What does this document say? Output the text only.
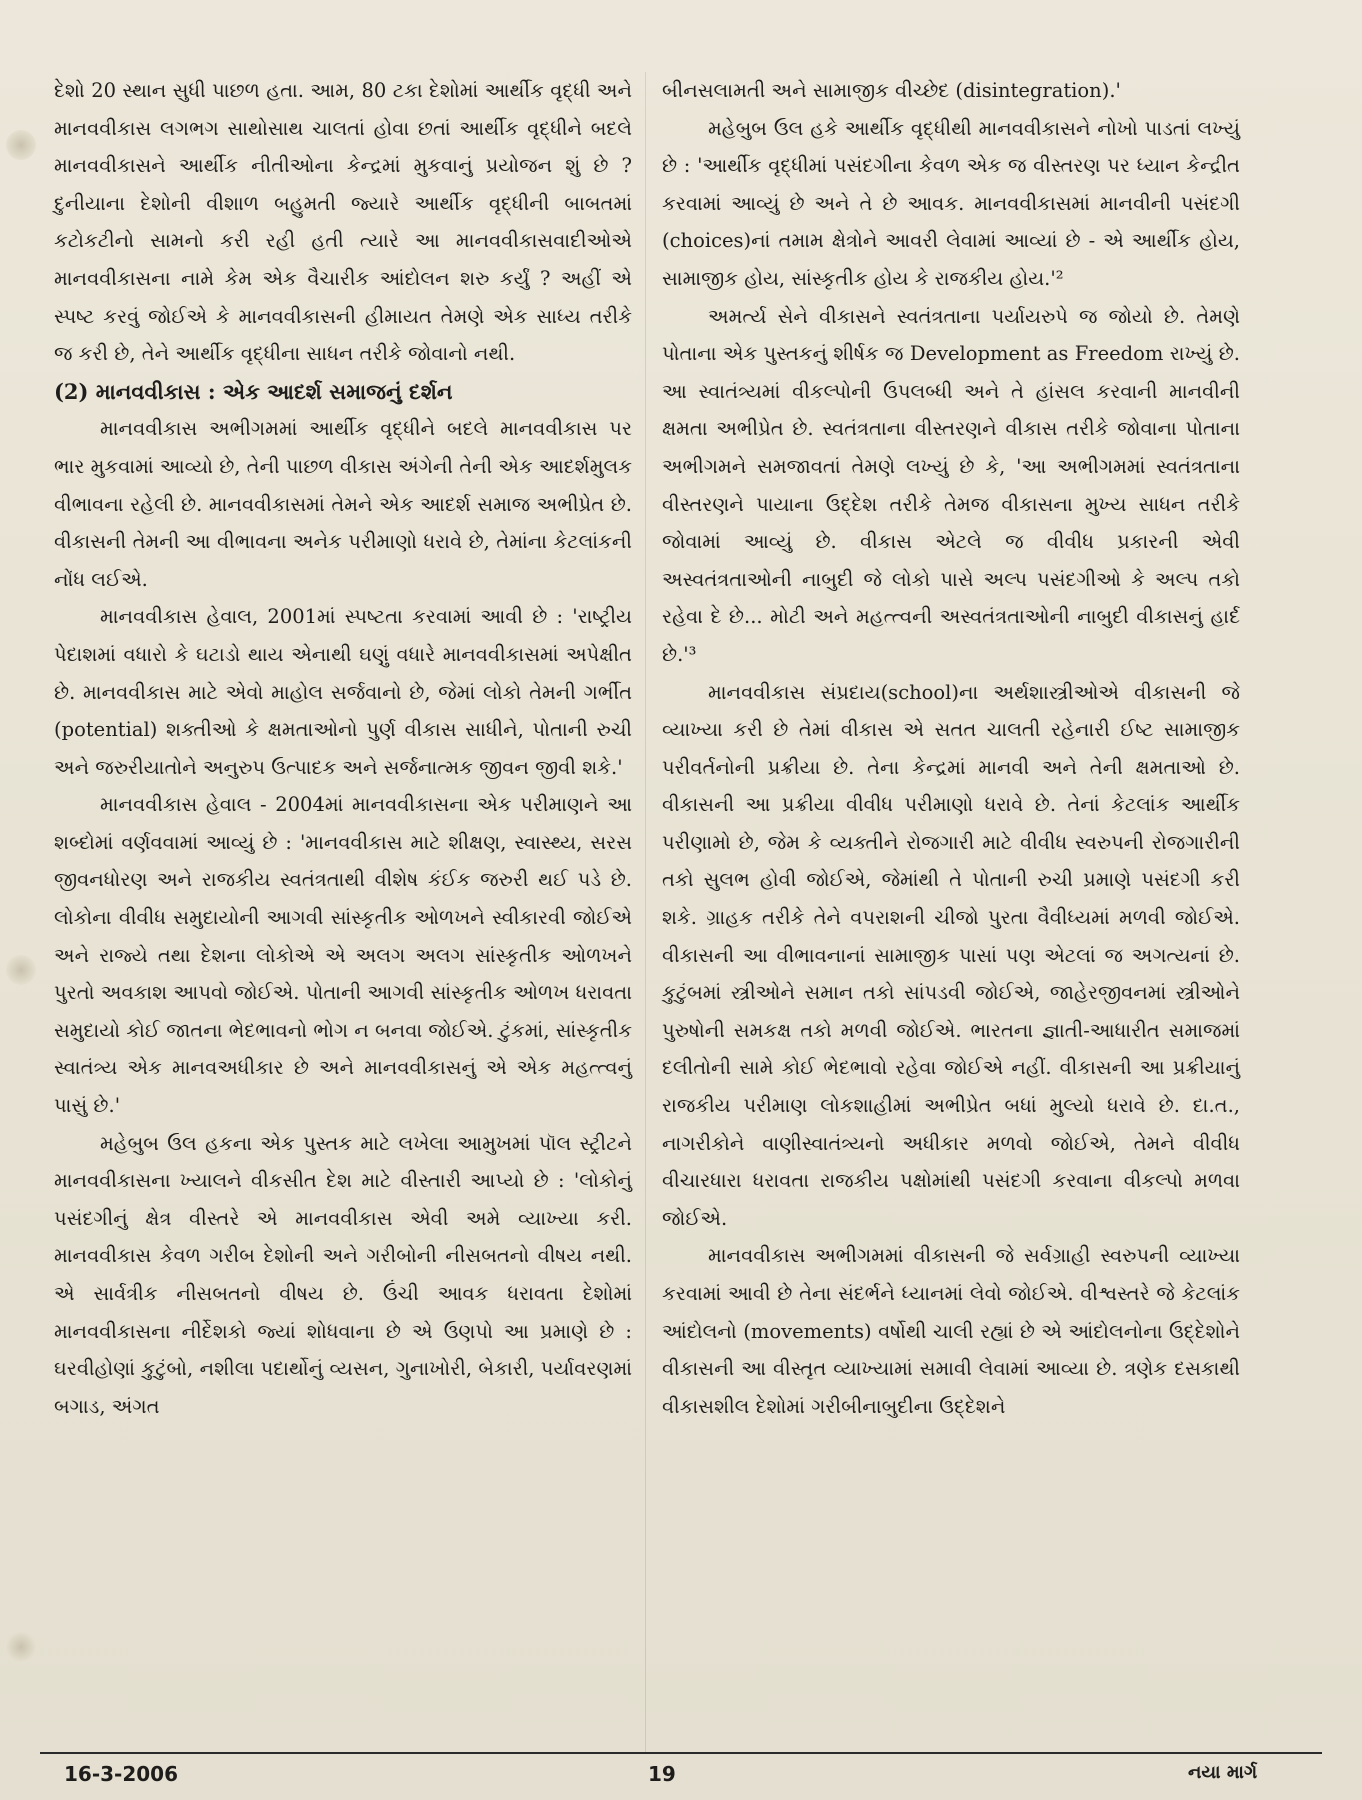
દેશો 20 સ્થાન સુધી પાછળ હતા. આમ, 80 ટકા દેશોમાં આર્થીક વૃદ્ધી અને માનવવીકાસ લગભગ સાથોસાથ ચાલતાં હોવા છતાં આર્થીક વૃદ્ધીને બદલે માનવવીકાસને આર્થીક નીતીઓના કેન્દ્રમાં મુકવાનું પ્રયોજન શું છે ? દુનીયાના દેશોની વીશાળ બહુમતી જ્યારે આર્થીક વૃદ્ધીની બાબતમાં કટોકટીનો સામનો કરી રહી હતી ત્યારે આ માનવવીકાસવાદીઓએ માનવવીકાસના નામે કેમ એક વૈચારીક આંદોલન શરુ કર્યું ? અહીં એ સ્પષ્ટ કરવું જોઈએ કે માનવવીકાસની હીમાયત તેમણે એક સાધ્ય તરીકે જ કરી છે, તેને આર્થીક વૃદ્ધીના સાધન તરીકે જોવાનો નથી.

(2) માનવવીકાસ : એક આદર્શ સમાજનું દર્શન

માનવવીકાસ અભીગમમાં આર્થીક વૃદ્ધીને બદલે માનવવીકાસ પર ભાર મુકવામાં આવ્યો છે, તેની પાછળ વીકાસ અંગેની તેની એક આદર્શમુલક વીભાવના રહેલી છે. માનવવીકાસમાં તેમને એક આદર્શ સમાજ અભીપ્રેત છે. વીકાસની તેમની આ વીભાવના અનેક પરીમાણો ધરાવે છે, તેમાંના કેટલાંકની નોંધ લઈએ.

માનવવીકાસ હેવાલ, 2001માં સ્પષ્ટતા કરવામાં આવી છે : 'રાષ્ટ્રીય પેદાશમાં વધારો કે ઘટાડો થાય એનાથી ઘણું વધારે માનવવીકાસમાં અપેક્ષીત છે. માનવવીકાસ માટે એવો માહોલ સર્જવાનો છે, જેમાં લોકો તેમની ગર્ભીત (potential) શક્તીઓ કે ક્ષમતાઓનો પુર્ણ વીકાસ સાધીને, પોતાની રુચી અને જરુરીયાતોને અનુરુપ ઉત્પાદક અને સર્જનાત્મક જીવન જીવી શકે.'

માનવવીકાસ હેવાલ - 2004માં માનવવીકાસના એક પરીમાણને આ શબ્દોમાં વર્ણવવામાં આવ્યું છે : 'માનવવીકાસ માટે શીક્ષણ, સ્વાસ્થ્ય, સરસ જીવનધોરણ અને રાજકીય સ્વતંત્રતાથી વીશેષ કંઈક જરુરી થઈ પડે છે. લોકોના વીવીધ સમુદાયોની આગવી સાંસ્કૃતીક ઓળખને સ્વીકારવી જોઈએ અને રાજ્યે તથા દેશના લોકોએ એ અલગ અલગ સાંસ્કૃતીક ઓળખને પુરતો અવકાશ આપવો જોઈએ. પોતાની આગવી સાંસ્કૃતીક ઓળખ ધરાવતા સમુદાયો કોઈ જાતના ભેદભાવનો ભોગ ન બનવા જોઈએ. ટુંકમાં, સાંસ્કૃતીક સ્વાતંત્ર્ય એક માનવઅધીકાર છે અને માનવવીકાસનું એ એક મહત્ત્વનું પાસું છે.'

મહેબુબ ઉલ હકના એક પુસ્તક માટે લખેલા આમુખમાં પૉલ સ્ટ્રીટને માનવવીકાસના ખ્યાલને વીકસીત દેશ માટે વીસ્તારી આપ્યો છે : 'લોકોનું પસંદગીનું ક્ષેત્ર વીસ્તરે એ માનવવીકાસ એવી અમે વ્યાખ્યા કરી. માનવવીકાસ કેવળ ગરીબ દેશોની અને ગરીબોની નીસબતનો વીષય નથી. એ સાર્વત્રીક નીસબતનો વીષય છે. ઉંચી આવક ધરાવતા દેશોમાં માનવવીકાસના નીર્દેશકો જ્યાં શોધવાના છે એ ઉણપો આ પ્રમાણે છે : ઘરવીહોણાં કુટુંબો, નશીલા પદાર્થોનું વ્યસન, ગુનાખોરી, બેકારી, પર્યાવરણમાં બગાડ, અંગત

બીનસલામતી અને સામાજીક વીચ્છેદ (disintegration).'

મહેબુબ ઉલ હકે આર્થીક વૃદ્ધીથી માનવવીકાસને નોખો પાડતાં લખ્યું છે : 'આર્થીક વૃદ્ધીમાં પસંદગીના કેવળ એક જ વીસ્તરણ પર ધ્યાન કેન્દ્રીત કરવામાં આવ્યું છે અને તે છે આવક. માનવવીકાસમાં માનવીની પસંદગી (choices)નાં તમામ ક્ષેત્રોને આવરી લેવામાં આવ્યાં છે - એ આર્થીક હોય, સામાજીક હોય, સાંસ્કૃતીક હોય કે રાજકીય હોય.'²

અમર્ત્ય સેને વીકાસને સ્વતંત્રતાના પર્યાયરુપે જ જોયો છે. તેમણે પોતાના એક પુસ્તકનું શીર્ષક જ Development as Freedom રાખ્યું છે. આ સ્વાતંત્ર્યમાં વીકલ્પોની ઉપલબ્ધી અને તે હાંસલ કરવાની માનવીની ક્ષમતા અભીપ્રેત છે. સ્વતંત્રતાના વીસ્તરણને વીકાસ તરીકે જોવાના પોતાના અભીગમને સમજાવતાં તેમણે લખ્યું છે કે, 'આ અભીગમમાં સ્વતંત્રતાના વીસ્તરણને પાયાના ઉદ્દેશ તરીકે તેમજ વીકાસના મુખ્ય સાધન તરીકે જોવામાં આવ્યું છે. વીકાસ એટલે જ વીવીધ પ્રકારની એવી અસ્વતંત્રતાઓની નાબુદી જે લોકો પાસે અલ્પ પસંદગીઓ કે અલ્પ તકો રહેવા દે છે... મોટી અને મહત્ત્વની અસ્વતંત્રતાઓની નાબુદી વીકાસનું હાર્દ છે.'³

માનવવીકાસ સંપ્રદાય(school)ના અર્થશાસ્ત્રીઓએ વીકાસની જે વ્યાખ્યા કરી છે તેમાં વીકાસ એ સતત ચાલતી રહેનારી ઈષ્ટ સામાજીક પરીવર્તનોની પ્રક્રીયા છે. તેના કેન્દ્રમાં માનવી અને તેની ક્ષમતાઓ છે. વીકાસની આ પ્રક્રીયા વીવીધ પરીમાણો ધરાવે છે. તેનાં કેટલાંક આર્થીક પરીણામો છે, જેમ કે વ્યક્તીને રોજગારી માટે વીવીધ સ્વરુપની રોજગારીની તકો સુલભ હોવી જોઈએ, જેમાંથી તે પોતાની રુચી પ્રમાણે પસંદગી કરી શકે. ગ્રાહક તરીકે તેને વપરાશની ચીજો પુરતા વૈવીધ્યમાં મળવી જોઈએ. વીકાસની આ વીભાવનાનાં સામાજીક પાસાં પણ એટલાં જ અગત્યનાં છે. કુટુંબમાં સ્ત્રીઓને સમાન તકો સાંપડવી જોઈએ, જાહેરજીવનમાં સ્ત્રીઓને પુરુષોની સમકક્ષ તકો મળવી જોઈએ. ભારતના જ્ઞાતી-આધારીત સમાજમાં દલીતોની સામે કોઈ ભેદભાવો રહેવા જોઈએ નહીં. વીકાસની આ પ્રક્રીયાનું રાજકીય પરીમાણ લોકશાહીમાં અભીપ્રેત બધાં મુલ્યો ધરાવે છે. દા.ત., નાગરીકોને વાણીસ્વાતંત્ર્યનો અધીકાર મળવો જોઈએ, તેમને વીવીધ વીચારધારા ધરાવતા રાજકીય પક્ષોમાંથી પસંદગી કરવાના વીકલ્પો મળવા જોઈએ.

માનવવીકાસ અભીગમમાં વીકાસની જે સર્વગ્રાહી સ્વરુપની વ્યાખ્યા કરવામાં આવી છે તેના સંદર્ભને ધ્યાનમાં લેવો જોઈએ. વીશ્વસ્તરે જે કેટલાંક આંદોલનો (movements) વર્ષોથી ચાલી રહ્યાં છે એ આંદોલનોના ઉદ્દેશોને વીકાસની આ વીસ્તૃત વ્યાખ્યામાં સમાવી લેવામાં આવ્યા છે. ત્રણેક દસકાથી વીકાસશીલ દેશોમાં ગરીબીનાબુદીના ઉદ્દેશને

16-3-2006	19	નયા માર્ગ
